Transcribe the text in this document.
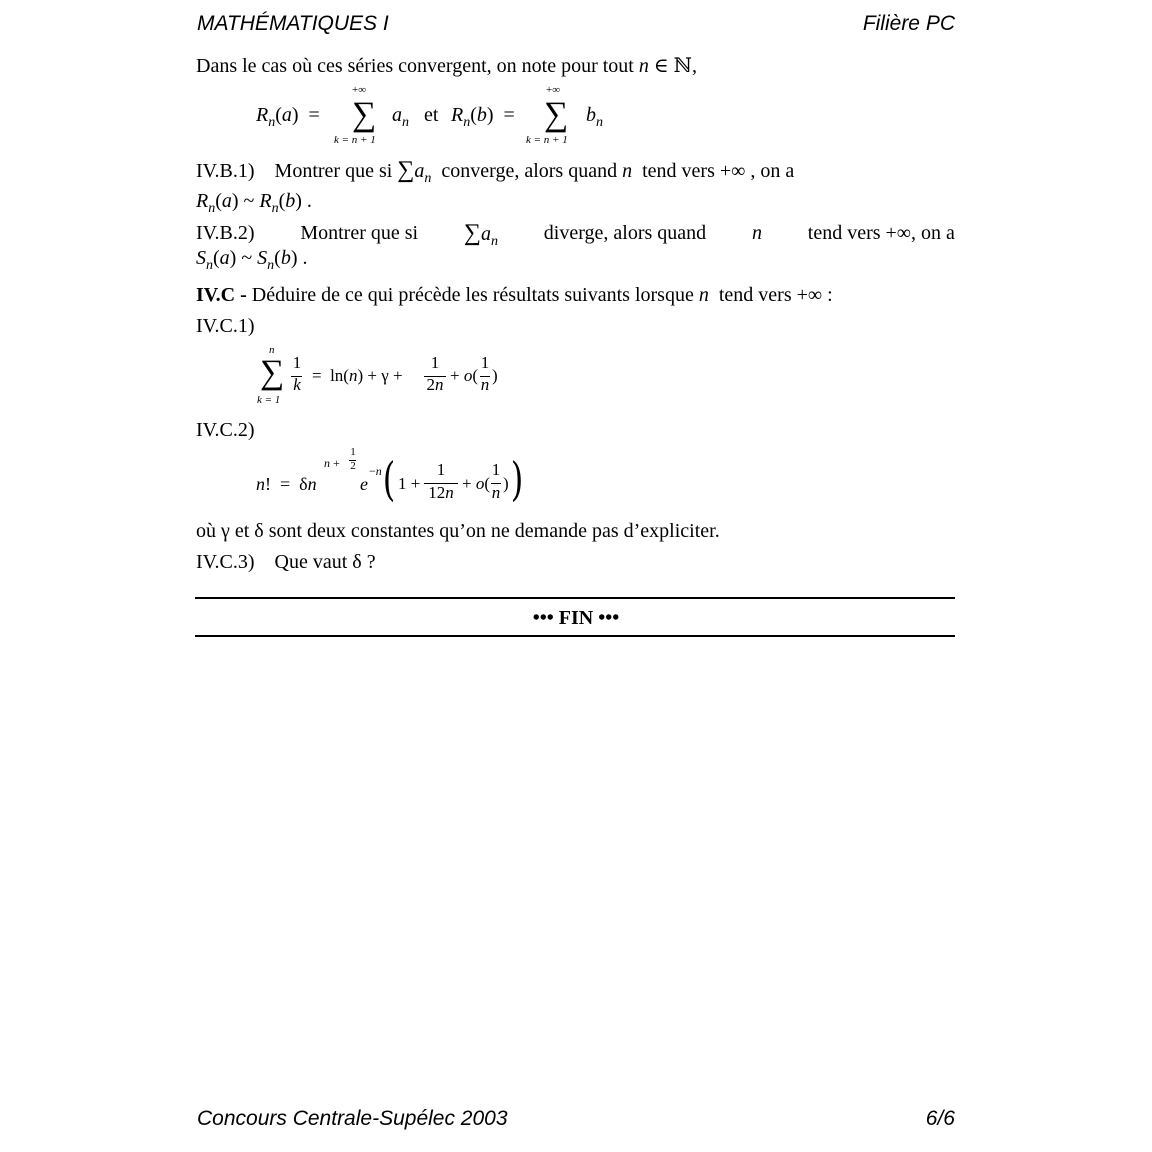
MATHÉMATIQUES I	Filière PC
Dans le cas où ces séries convergent, on note pour tout n ∈ ℕ,
$R_n(a)$  =
+∞
∑
k = n + 1
$a_n$ et $R_n(b)$  =
+∞
∑
k = n + 1
$b_n$
IV.B.1) Montrer que si $\sum a_n$ converge, alors quand n tend vers +∞ , on a
$R_n(a)$ ~ $R_n(b)$ .
IV.B.2) Montrer que si $\sum a_n$ diverge, alors quand n tend vers +∞, on a
$S_n(a)$ ~ $S_n(b)$ .
IV.C - Déduire de ce qui précède les résultats suivants lorsque n tend vers +∞ :
IV.C.1)
n
∑
k = 1
1
k =  ln(n) + γ +
1
2n + o(
1
n )
IV.C.2)
n!  =  δn
n +
1
2
e
−n ( 1 +
1
12n + o(
1
n ) )
où γ et δ sont deux constantes qu’on ne demande pas d’expliciter.
IV.C.3) Que vaut δ ?
••• FIN •••
Concours Centrale-Supélec 2003	6/6
